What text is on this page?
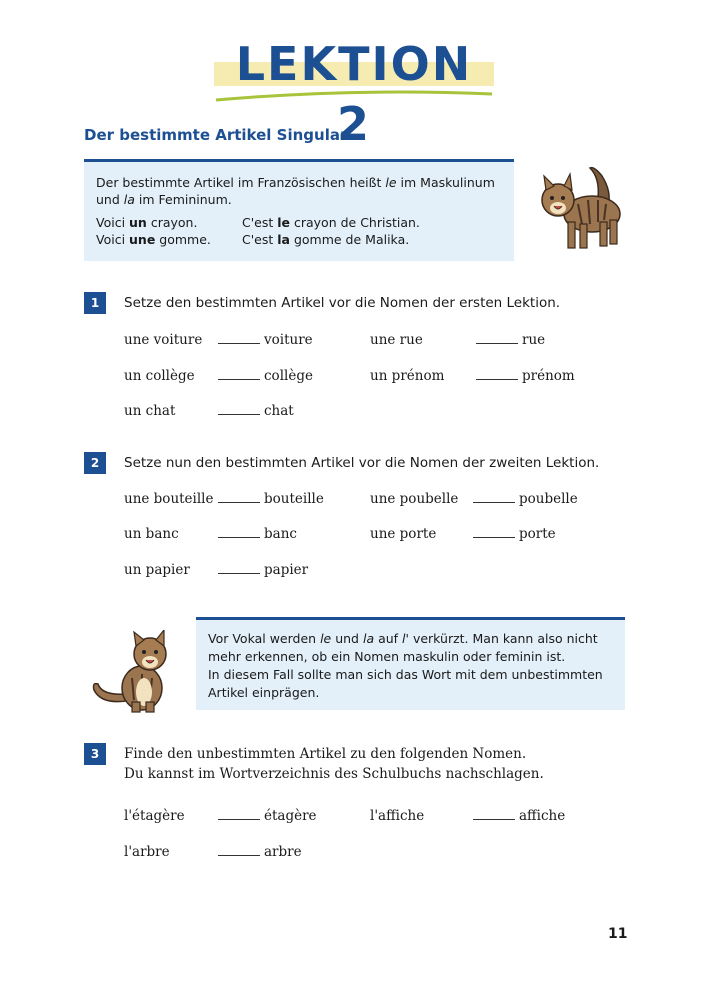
LEKTION 2
Der bestimmte Artikel Singular

Der bestimmte Artikel im Französischen heißt le im Maskulinum

und la im Femininum.

Voici un crayon.	C'est le crayon de Christian.
Voici une gomme.	C'est la gomme de Malika.
1	Setze den bestimmten Artikel vor die Nomen der ersten Lektion.
une voiture	voiture	une rue	rue
un collège	collège	un prénom	prénom
un chat	chat
2	Setze nun den bestimmten Artikel vor die Nomen der zweiten Lektion.
une bouteille	bouteille	une poubelle	poubelle
un banc	banc	une porte	porte
un papier	papier
Vor Vokal werden le und la auf l' verkürzt. Man kann also nicht
mehr erkennen, ob ein Nomen maskulin oder feminin ist.
In diesem Fall sollte man sich das Wort mit dem unbestimmten
Artikel einprägen.
3	Finde den unbestimmten Artikel zu den folgenden Nomen.
Du kannst im Wortverzeichnis des Schulbuchs nachschlagen.
l'étagère	étagère	l'affiche	affiche
l'arbre	arbre
11
